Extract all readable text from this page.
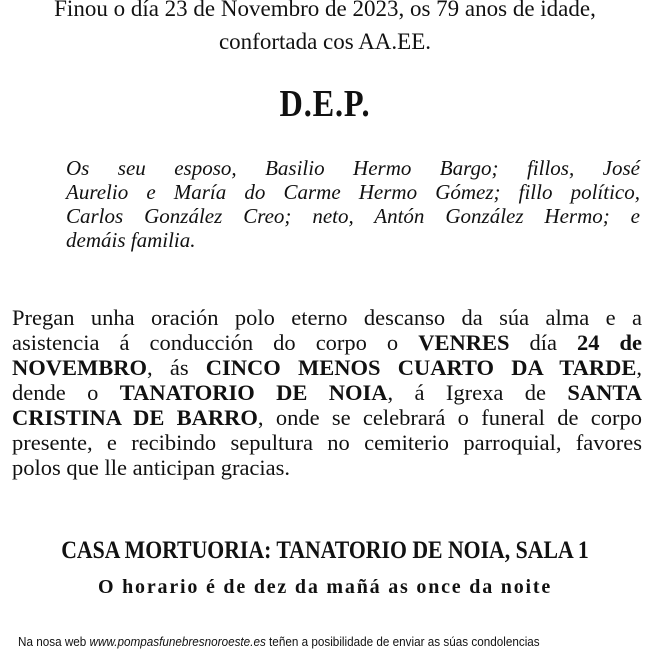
Finou o día 23 de Novembro de 2023, os 79 anos de idade,
confortada cos AA.EE.
D.E.P.
Os seu esposo, Basilio Hermo Bargo; fillos, José
Aurelio e María do Carme Hermo Gómez; fillo político,
Carlos González Creo; neto, Antón González Hermo; e
demáis familia.
Pregan unha oración polo eterno descanso da súa alma e a
asistencia á conducción do corpo o VENRES día 24 de
NOVEMBRO, ás CINCO MENOS CUARTO DA TARDE,
dende o TANATORIO DE NOIA, á Igrexa de SANTA
CRISTINA DE BARRO, onde se celebrará o funeral de corpo
presente, e recibindo sepultura no cemiterio parroquial, favores
polos que lle anticipan gracias.
CASA MORTUORIA: TANATORIO DE NOIA, SALA 1
O horario é de dez da mañá as once da noite
Na nosa web www.pompasfunebresnoroeste.es teñen a posibilidade de enviar as súas condolencias
